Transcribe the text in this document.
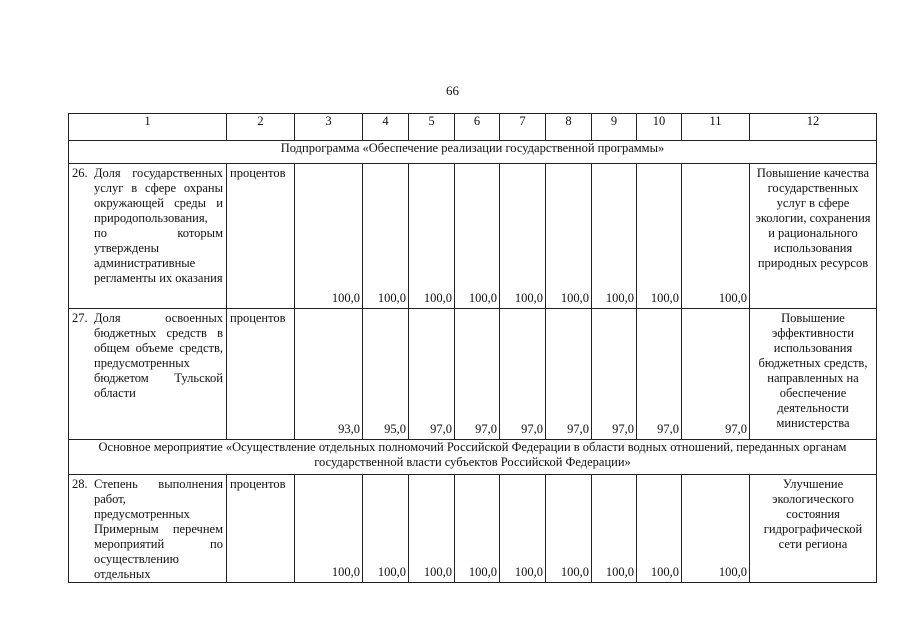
66
1	2	3	4	5	6	7	8	9	10	11	12
Подпрограмма «Обеспечение реализации государственной программы»											

26. Доля государственных услуг в сфере охраны окружающей среды и природопользования, по которым утверждены административные регламенты их оказания	процентов	100,0	100,0	100,0	100,0	100,0	100,0	100,0	100,0	100,0	Повышение качества государственных услуг в сфере экологии, сохранения и рационального использования природных ресурсов

27. Доля освоенных бюджетных средств в общем объеме средств, предусмотренных бюджетом Тульской области	процентов	93,0	95,0	97,0	97,0	97,0	97,0	97,0	97,0	97,0	Повышение эффективности использования бюджетных средств, направленных на обеспечение деятельности министерства
Основное мероприятие «Осуществление отдельных полномочий Российской Федерации в области водных отношений, переданных органам государственной власти субъектов Российской Федерации»											

28. Степень выполнения работ, предусмотренных Примерным перечнем мероприятий по осуществлению отдельных	процентов	100,0	100,0	100,0	100,0	100,0	100,0	100,0	100,0	100,0	Улучшение экологического состояния гидрографической сети региона
